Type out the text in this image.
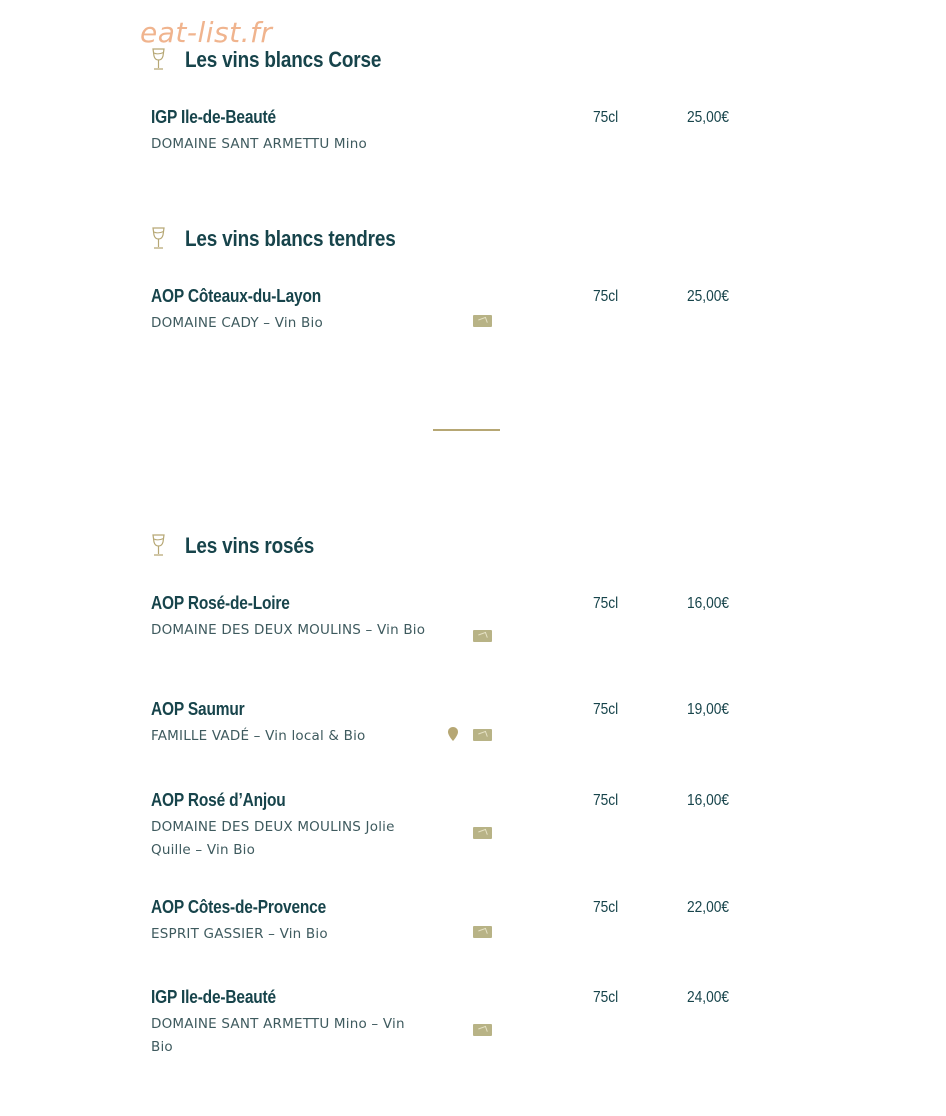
eat-list.fr
Les vins blancs Corse
IGP Ile-de-Beauté
DOMAINE SANT ARMETTU Mino
75cl	25,00€
Les vins blancs tendres
AOP Côteaux-du-Layon
DOMAINE CADY – Vin Bio
75cl	25,00€
Les vins rosés
AOP Rosé-de-Loire
DOMAINE DES DEUX MOULINS – Vin Bio
75cl	16,00€
AOP Saumur
FAMILLE VADÉ – Vin local & Bio
75cl	19,00€
AOP Rosé d’Anjou
DOMAINE DES DEUX MOULINS Jolie Quille – Vin Bio
75cl	16,00€
AOP Côtes-de-Provence
ESPRIT GASSIER – Vin Bio
75cl	22,00€
IGP Ile-de-Beauté
DOMAINE SANT ARMETTU Mino – Vin Bio
75cl	24,00€
